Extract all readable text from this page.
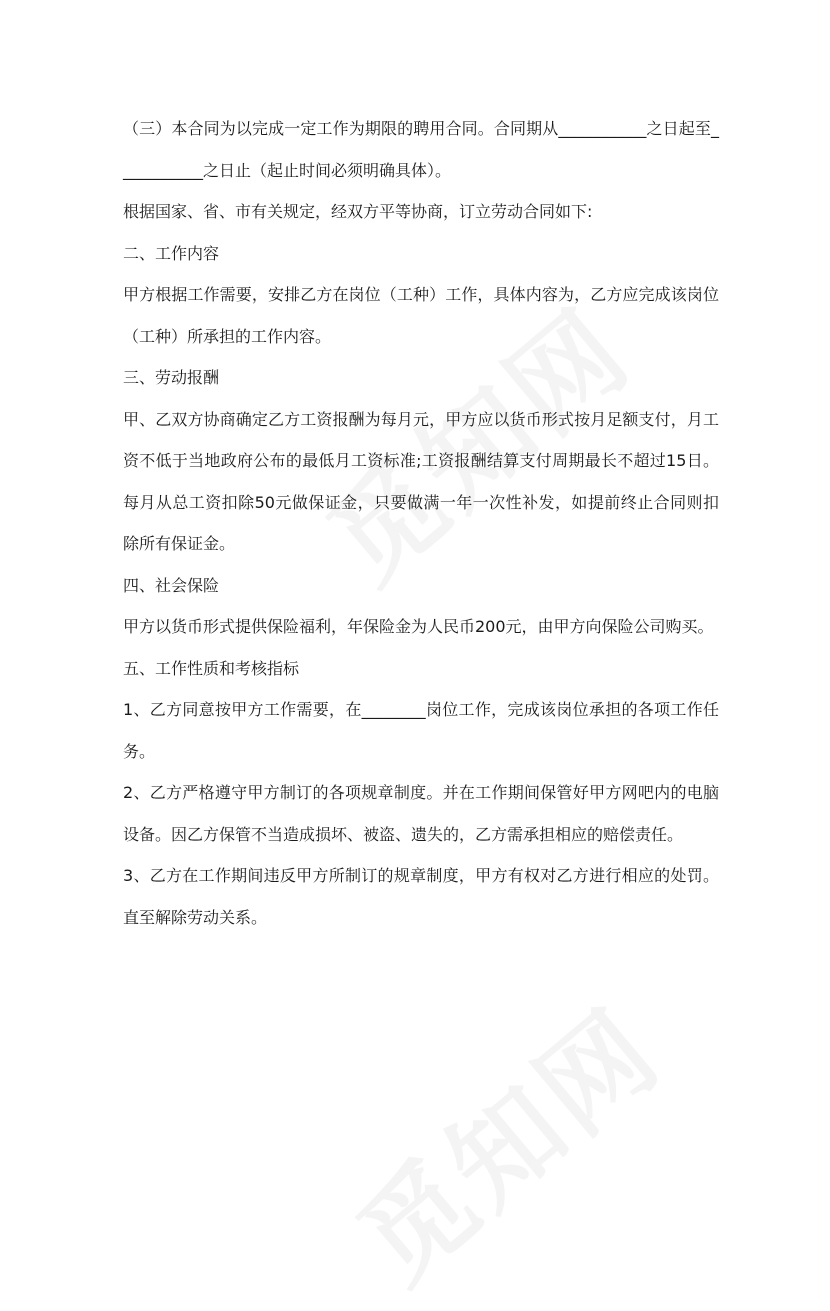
（三）本合同为以完成一定工作为期限的聘用合同。合同期从___________之日起至___________之日止（起止时间必须明确具体）。

根据国家、省、市有关规定，经双方平等协商，订立劳动合同如下:

二、工作内容

甲方根据工作需要，安排乙方在岗位（工种）工作，具体内容为，乙方应完成该岗位（工种）所承担的工作内容。

三、劳动报酬

甲、乙双方协商确定乙方工资报酬为每月元，甲方应以货币形式按月足额支付，月工资不低于当地政府公布的最低月工资标准;工资报酬结算支付周期最长不超过15日。每月从总工资扣除50元做保证金，只要做满一年一次性补发，如提前终止合同则扣除所有保证金。

四、社会保险

甲方以货币形式提供保险福利，年保险金为人民币200元，由甲方向保险公司购买。

五、工作性质和考核指标

1、乙方同意按甲方工作需要，在________岗位工作，完成该岗位承担的各项工作任务。

2、乙方严格遵守甲方制订的各项规章制度。并在工作期间保管好甲方网吧内的电脑设备。因乙方保管不当造成损坏、被盗、遗失的，乙方需承担相应的赔偿责任。

3、乙方在工作期间违反甲方所制订的规章制度，甲方有权对乙方进行相应的处罚。直至解除劳动关系。
